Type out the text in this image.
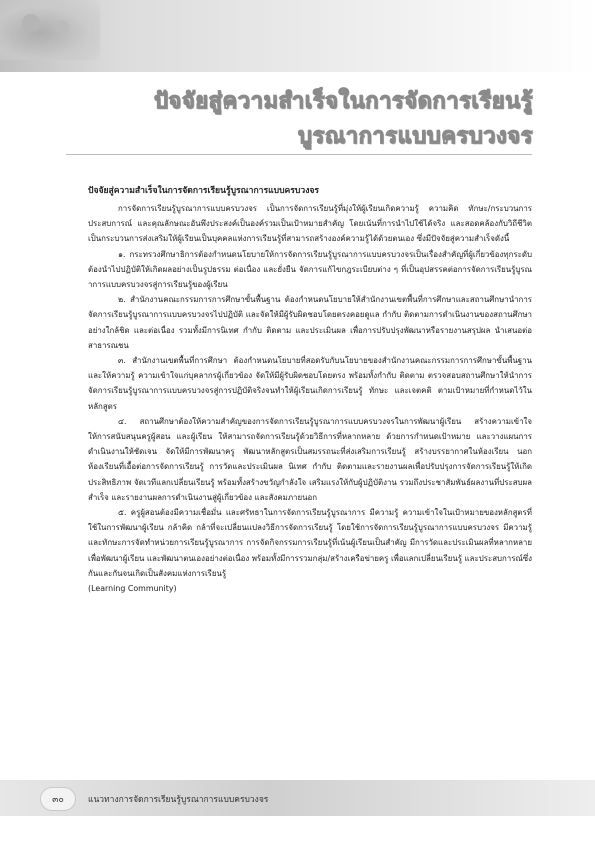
ปัจจัยสู่ความสำเร็จในการจัดการเรียนรู้
บูรณาการแบบครบวงจร

ปัจจัยสู่ความสำเร็จในการจัดการเรียนรู้บูรณาการแบบครบวงจร

การจัดการเรียนรู้บูรณาการแบบครบวงจร เป็นการจัดการเรียนรู้ที่มุ่งให้ผู้เรียนเกิดความรู้ ความคิด ทักษะ/กระบวนการ ประสบการณ์ และคุณลักษณะอันพึงประสงค์เป็นองค์รวมเป็นเป้าหมายสำคัญ โดยเน้นที่การนำไปใช้ได้จริง และสอดคล้องกับวิถีชีวิต เป็นกระบวนการส่งเสริมให้ผู้เรียนเป็นบุคคลแห่งการเรียนรู้ที่สามารถสร้างองค์ความรู้ได้ด้วยตนเอง ซึ่งมีปัจจัยสู่ความสำเร็จดังนี้

๑. กระทรวงศึกษาธิการต้องกำหนดนโยบายให้การจัดการเรียนรู้บูรณาการแบบครบวงจรเป็นเรื่องสำคัญที่ผู้เกี่ยวข้องทุกระดับต้องนำไปปฏิบัติให้เกิดผลอย่างเป็นรูปธรรม ต่อเนื่อง และยั่งยืน จัดการแก้ไขกฎระเบียบต่าง ๆ ที่เป็นอุปสรรคต่อการจัดการเรียนรู้บูรณาการแบบครบวงจรสู่การเรียนรู้ของผู้เรียน

๒. สำนักงานคณะกรรมการการศึกษาขั้นพื้นฐาน ต้องกำหนดนโยบายให้สำนักงานเขตพื้นที่การศึกษาและสถานศึกษานำการจัดการเรียนรู้บูรณาการแบบครบวงจรไปปฏิบัติ และจัดให้มีผู้รับผิดชอบโดยตรงคอยดูแล กำกับ ติดตามการดำเนินงานของสถานศึกษาอย่างใกล้ชิด และต่อเนื่อง รวมทั้งมีการนิเทศ กำกับ ติดตาม และประเมินผล เพื่อการปรับปรุงพัฒนาหรือรายงานสรุปผล นำเสนอต่อสาธารณชน

๓. สำนักงานเขตพื้นที่การศึกษา ต้องกำหนดนโยบายที่สอดรับกับนโยบายของสำนักงานคณะกรรมการการศึกษาขั้นพื้นฐาน และให้ความรู้ ความเข้าใจแก่บุคลากรผู้เกี่ยวข้อง จัดให้มีผู้รับผิดชอบโดยตรง พร้อมทั้งกำกับ ติดตาม ตรวจสอบสถานศึกษาให้นำการจัดการเรียนรู้บูรณาการแบบครบวงจรสู่การปฏิบัติจริงจนทำให้ผู้เรียนเกิดการเรียนรู้ ทักษะ และเจตคติ ตามเป้าหมายที่กำหนดไว้ในหลักสูตร

๔. สถานศึกษาต้องให้ความสำคัญของการจัดการเรียนรู้บูรณาการแบบครบวงจรในการพัฒนาผู้เรียน สร้างความเข้าใจให้การสนับสนุนครูผู้สอน และผู้เรียน ให้สามารถจัดการเรียนรู้ด้วยวิธีการที่หลากหลาย ด้วยการกำหนดเป้าหมาย และวางแผนการดำเนินงานให้ชัดเจน จัดให้มีการพัฒนาครู พัฒนาหลักสูตรเป็นสมรรถนะที่ส่งเสริมการเรียนรู้ สร้างบรรยากาศในห้องเรียน นอกห้องเรียนที่เอื้อต่อการจัดการเรียนรู้ การวัดและประเมินผล นิเทศ กำกับ ติดตามและรายงานผลเพื่อปรับปรุงการจัดการเรียนรู้ให้เกิดประสิทธิภาพ จัดเวทีแลกเปลี่ยนเรียนรู้ พร้อมทั้งสร้างขวัญกำลังใจ เสริมแรงให้กับผู้ปฏิบัติงาน รวมถึงประชาสัมพันธ์ผลงานที่ประสบผลสำเร็จ และรายงานผลการดำเนินงานสู่ผู้เกี่ยวข้อง และสังคมภายนอก

๕. ครูผู้สอนต้องมีความเชื่อมั่น และศรัทธาในการจัดการเรียนรู้บูรณาการ มีความรู้ ความเข้าใจในเป้าหมายของหลักสูตรที่ใช้ในการพัฒนาผู้เรียน กล้าคิด กล้าที่จะเปลี่ยนแปลงวิธีการจัดการเรียนรู้ โดยใช้การจัดการเรียนรู้บูรณาการแบบครบวงจร มีความรู้ และทักษะการจัดทำหน่วยการเรียนรู้บูรณาการ การจัดกิจกรรมการเรียนรู้ที่เน้นผู้เรียนเป็นสำคัญ มีการวัดและประเมินผลที่หลากหลายเพื่อพัฒนาผู้เรียน และพัฒนาตนเองอย่างต่อเนื่อง พร้อมทั้งมีการรวมกลุ่ม/สร้างเครือข่ายครู เพื่อแลกเปลี่ยนเรียนรู้ และประสบการณ์ซึ่งกันและกันจนเกิดเป็นสังคมแห่งการเรียนรู้

(Learning Community)

๓๐	แนวทางการจัดการเรียนรู้บูรณาการแบบครบวงจร
